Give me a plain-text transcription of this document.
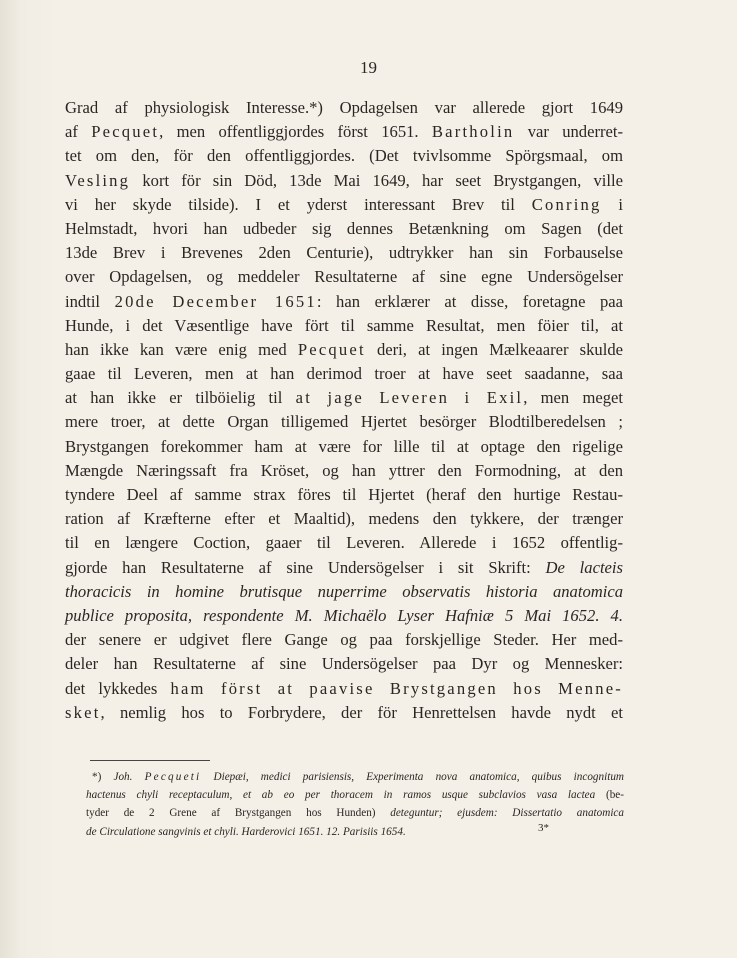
19
Grad af physiologisk Interesse.*) Opdagelsen var allerede gjort 1649
af Pecquet, men offentliggjordes först 1651. Bartholin var underret-
tet om den, för den offentliggjordes. (Det tvivlsomme Spörgsmaal, om
Vesling kort för sin Död, 13de Mai 1649, har seet Brystgangen, ville
vi her skyde tilside). I et yderst interessant Brev til Conring i
Helmstadt, hvori han udbeder sig dennes Betænkning om Sagen (det
13de Brev i Brevenes 2den Centurie), udtrykker han sin Forbauselse
over Opdagelsen, og meddeler Resultaterne af sine egne Undersögelser
indtil 20de December 1651: han erklærer at disse, foretagne paa
Hunde, i det Væsentlige have fört til samme Resultat, men föier til, at
han ikke kan være enig med Pecquet deri, at ingen Mælkeaarer skulde
gaae til Leveren, men at han derimod troer at have seet saadanne, saa
at han ikke er tilböielig til at jage Leveren i Exil, men meget
mere troer, at dette Organ tilligemed Hjertet besörger Blodtilberedelsen ;
Brystgangen forekommer ham at være for lille til at optage den rigelige
Mængde Næringssaft fra Kröset, og han yttrer den Formodning, at den
tyndere Deel af samme strax föres til Hjertet (heraf den hurtige Restau-
ration af Kræfterne efter et Maaltid), medens den tykkere, der trænger
til en længere Coction, gaaer til Leveren. Allerede i 1652 offentlig-
gjorde han Resultaterne af sine Undersögelser i sit Skrift: De lacteis
thoracicis in homine brutisque nuperrime observatis historia anatomica
publice proposita, respondente M. Michaëlo Lyser Hafniæ 5 Mai 1652. 4.
der senere er udgivet flere Gange og paa forskjellige Steder. Her med-
deler han Resultaterne af sine Undersögelser paa Dyr og Mennesker:
det lykkedes ham först at paavise Brystgangen hos Menne-
sket, nemlig hos to Forbrydere, der för Henrettelsen havde nydt et
*) Joh. Pecqueti Diepæi, medici parisiensis, Experimenta nova anatomica, quibus incognitum
hactenus chyli receptaculum, et ab eo per thoracem in ramos usque subclavios vasa lactea (be-
tyder de 2 Grene af Brystgangen hos Hunden) deteguntur; ejusdem: Dissertatio anatomica
de Circulatione sangvinis et chyli. Harderovici 1651. 12. Parisiis 1654.	3*
